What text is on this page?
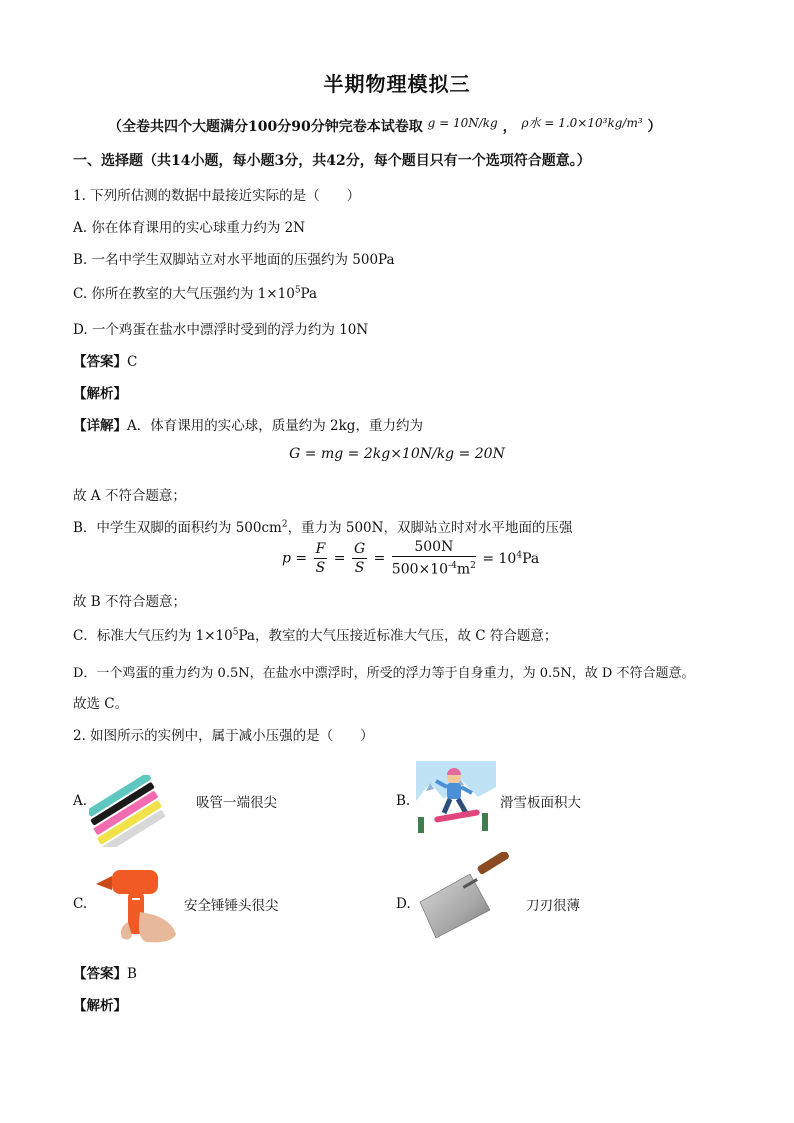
半期物理模拟三
（全卷共四个大题满分100分90分钟完卷本试卷取 g = 10N/kg ， ρ水 = 1.0×10³kg/m³ ）
一、选择题（共14小题，每小题3分，共42分，每个题目只有一个选项符合题意。）
1. 下列所估测的数据中最接近实际的是（　　）
A. 你在体育课用的实心球重力约为 2N
B. 一名中学生双脚站立对水平地面的压强约为 500Pa
C. 你所在教室的大气压强约为 $1\times 10^5Pa$
D. 一个鸡蛋在盐水中漂浮时受到的浮力约为 10N
【答案】C
【解析】
【详解】A．体育课用的实心球，质量约为 2kg，重力约为
G = mg = 2kg×10N/kg = 20N
故 A 不符合题意；
B．中学生双脚的面积约为 $500cm^2$，重力为 500N，双脚站立时对水平地面的压强
$p = \frac{F}{S} = \frac{G}{S} = \frac{500N}{500\times 10^{-4}m^2} = 10^4Pa$
故 B 不符合题意；
C．标准大气压约为 $1\times 10^5Pa$，教室的大气压接近标准大气压，故 C 符合题意；
D．一个鸡蛋的重力约为 0.5N，在盐水中漂浮时，所受的浮力等于自身重力，为 0.5N，故 D 不符合题意。
故选 C。
2. 如图所示的实例中，属于减小压强的是（　　）
A.	吸管一端很尖	B.	滑雪板面积大
C.	安全锤锤头很尖	D.	刀刃很薄
【答案】B
【解析】
